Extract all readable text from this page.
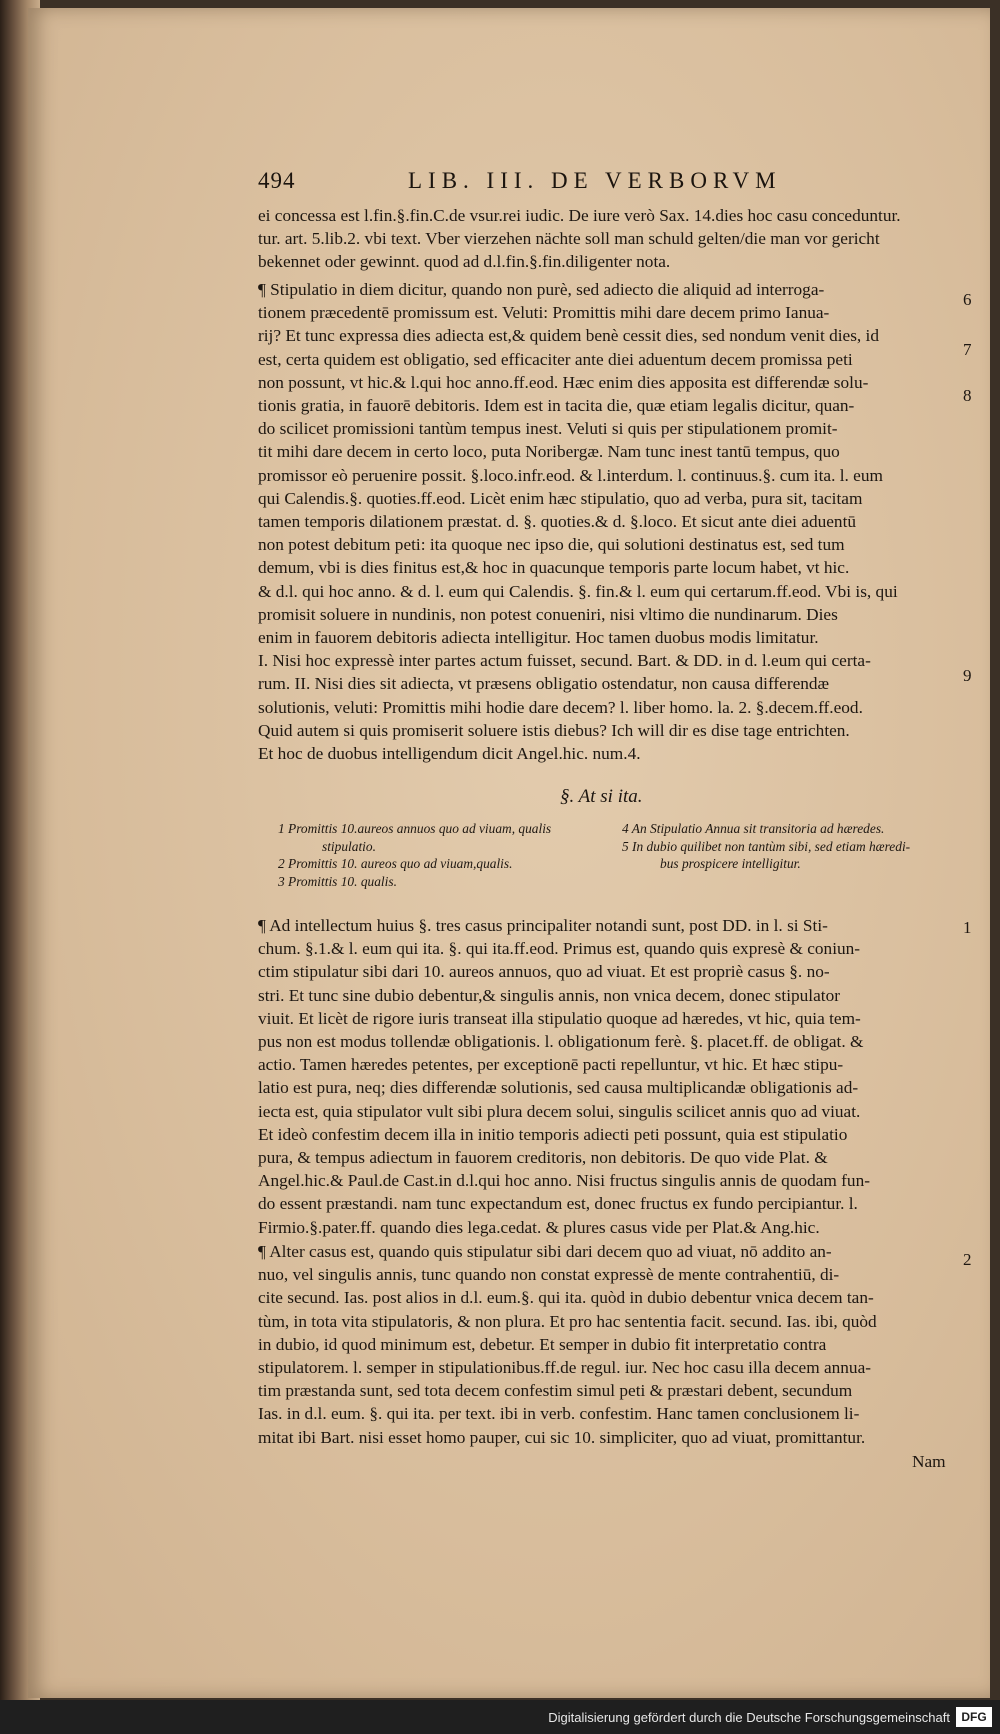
494	LIB. III. DE VERBORVM
ei concessa est l.fin.§.fin.C.de vsur.rei iudic. De iure verò Sax. 14.dies hoc casu conceduntur.
tur. art. 5.lib.2. vbi text. Vber vierzehen nächte soll man schuld gelten/die man vor gericht
bekennet oder gewinnt. quod ad d.l.fin.§.fin.diligenter nota.
¶ Stipulatio in diem dicitur, quando non purè, sed adiecto die aliquid ad interroga-
tionem præcedentē promissum est. Veluti: Promittis mihi dare decem primo Ianua-
rij? Et tunc expressa dies adiecta est,& quidem benè cessit dies, sed nondum venit dies, id
est, certa quidem est obligatio, sed efficaciter ante diei aduentum decem promissa peti
non possunt, vt hic.& l.qui hoc anno.ff.eod. Hæc enim dies apposita est differendæ solu-
tionis gratia, in fauorē debitoris. Idem est in tacita die, quæ etiam legalis dicitur, quan-
do scilicet promissioni tantùm tempus inest. Veluti si quis per stipulationem promit-
tit mihi dare decem in certo loco, puta Noribergæ. Nam tunc inest tantū tempus, quo
promissor eò peruenire possit. §.loco.infr.eod. & l.interdum. l. continuus.§. cum ita. l. eum
qui Calendis.§. quoties.ff.eod. Licèt enim hæc stipulatio, quo ad verba, pura sit, tacitam
tamen temporis dilationem præstat. d. §. quoties.& d. §.loco. Et sicut ante diei aduentū
non potest debitum peti: ita quoque nec ipso die, qui solutioni destinatus est, sed tum
demum, vbi is dies finitus est,& hoc in quacunque temporis parte locum habet, vt hic.
& d.l. qui hoc anno. & d. l. eum qui Calendis. §. fin.& l. eum qui certarum.ff.eod. Vbi is, qui
promisit soluere in nundinis, non potest conueniri, nisi vltimo die nundinarum. Dies
enim in fauorem debitoris adiecta intelligitur. Hoc tamen duobus modis limitatur.
I. Nisi hoc expressè inter partes actum fuisset, secund. Bart. & DD. in d. l.eum qui certa-
rum. II. Nisi dies sit adiecta, vt præsens obligatio ostendatur, non causa differendæ
solutionis, veluti: Promittis mihi hodie dare decem? l. liber homo. la. 2. §.decem.ff.eod.
Quid autem si quis promiserit soluere istis diebus? Ich will dir es dise tage entrichten.
Et hoc de duobus intelligendum dicit Angel.hic. num.4.
6
7
8
9
§. At si ita.
1 Promittis 10.aureos annuos quo ad viuam, qualis
stipulatio.
2 Promittis 10. aureos quo ad viuam,qualis.
3 Promittis 10. qualis.
4 An Stipulatio Annua sit transitoria ad hæredes.
5 In dubio quilibet non tantùm sibi, sed etiam hæredi-
bus prospicere intelligitur.
¶ Ad intellectum huius §. tres casus principaliter notandi sunt, post DD. in l. si Sti-
chum. §.1.& l. eum qui ita. §. qui ita.ff.eod. Primus est, quando quis expresè & coniun-
ctim stipulatur sibi dari 10. aureos annuos, quo ad viuat. Et est propriè casus §. no-
stri. Et tunc sine dubio debentur,& singulis annis, non vnica decem, donec stipulator
viuit. Et licèt de rigore iuris transeat illa stipulatio quoque ad hæredes, vt hic, quia tem-
pus non est modus tollendæ obligationis. l. obligationum ferè. §. placet.ff. de obligat. &
actio. Tamen hæredes petentes, per exceptionē pacti repelluntur, vt hic. Et hæc stipu-
latio est pura, neq; dies differendæ solutionis, sed causa multiplicandæ obligationis ad-
iecta est, quia stipulator vult sibi plura decem solui, singulis scilicet annis quo ad viuat.
Et ideò confestim decem illa in initio temporis adiecti peti possunt, quia est stipulatio
pura, & tempus adiectum in fauorem creditoris, non debitoris. De quo vide Plat. &
Angel.hic.& Paul.de Cast.in d.l.qui hoc anno. Nisi fructus singulis annis de quodam fun-
do essent præstandi. nam tunc expectandum est, donec fructus ex fundo percipiantur. l.
Firmio.§.pater.ff. quando dies lega.cedat. & plures casus vide per Plat.& Ang.hic.
¶ Alter casus est, quando quis stipulatur sibi dari decem quo ad viuat, nō addito an-
nuo, vel singulis annis, tunc quando non constat expressè de mente contrahentiū, di-
cite secund. Ias. post alios in d.l. eum.§. qui ita. quòd in dubio debentur vnica decem tan-
tùm, in tota vita stipulatoris, & non plura. Et pro hac sententia facit. secund. Ias. ibi, quòd
in dubio, id quod minimum est, debetur. Et semper in dubio fit interpretatio contra
stipulatorem. l. semper in stipulationibus.ff.de regul. iur. Nec hoc casu illa decem annua-
tim præstanda sunt, sed tota decem confestim simul peti & præstari debent, secundum
Ias. in d.l. eum. §. qui ita. per text. ibi in verb. confestim. Hanc tamen conclusionem li-
mitat ibi Bart. nisi esset homo pauper, cui sic 10. simpliciter, quo ad viuat, promittantur.
1
2
Nam
Digitalisierung gefördert durch die Deutsche Forschungsgemeinschaft DFG
